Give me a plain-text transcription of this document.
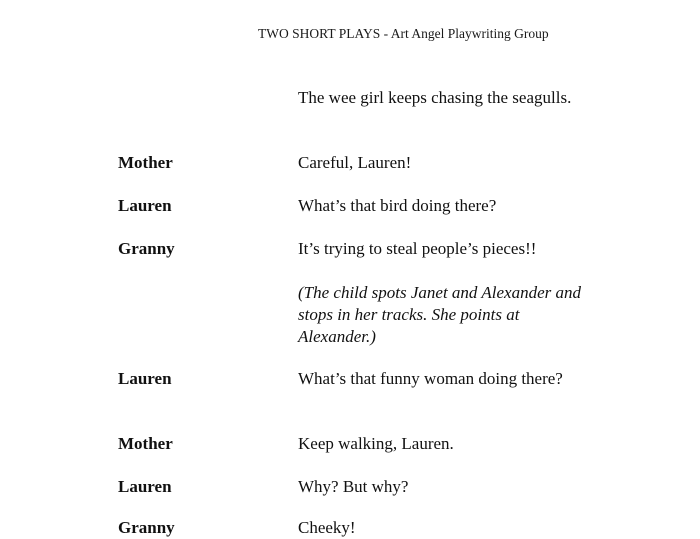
TWO SHORT PLAYS - Art Angel Playwriting Group
The wee girl keeps chasing the seagulls.
Mother	Careful, Lauren!
Lauren	What’s that bird doing there?
Granny	It’s trying to steal people’s pieces!!
(The child spots Janet and Alexander and stops in her tracks. She points at Alexander.)
Lauren	What’s that funny woman doing there?
Mother	Keep walking, Lauren.
Lauren	Why? But why?
Granny	Cheeky!
